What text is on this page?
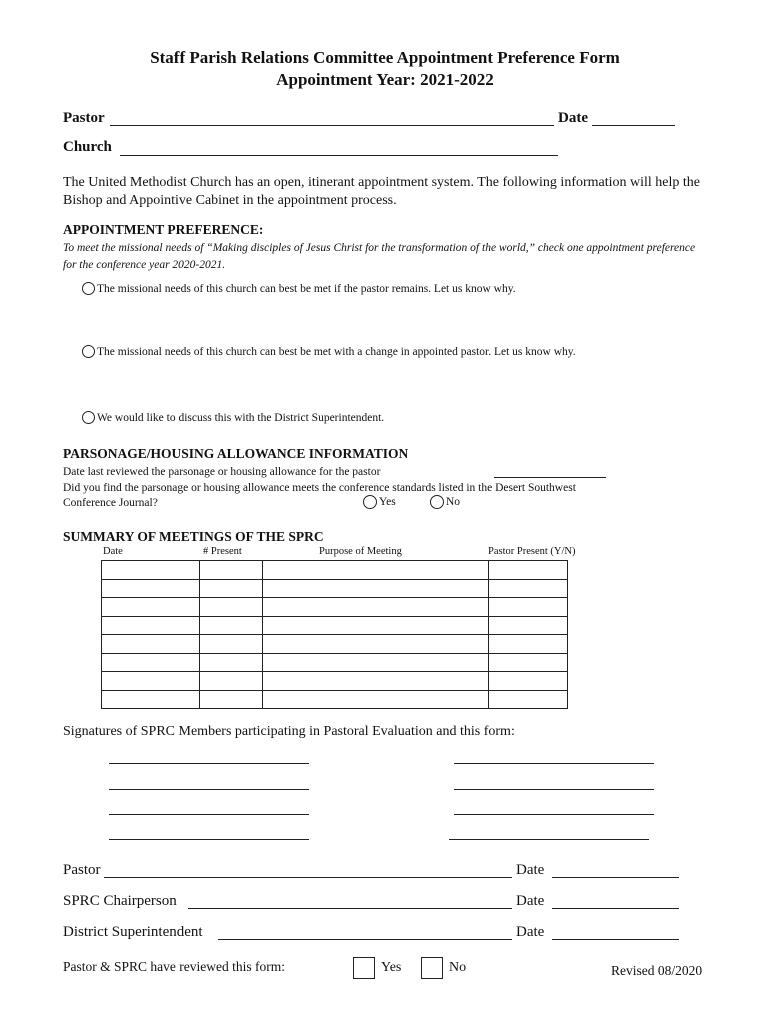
Staff Parish Relations Committee Appointment Preference Form
Appointment Year: 2021-2022
Pastor	Date
Church
The United Methodist Church has an open, itinerant appointment system. The following information will help the Bishop and Appointive Cabinet in the appointment process.
APPOINTMENT PREFERENCE:
To meet the missional needs of “Making disciples of Jesus Christ for the transformation of the world,” check one appointment preference for the conference year 2020-2021.
The missional needs of this church can best be met if the pastor remains. Let us know why.
The missional needs of this church can best be met with a change in appointed pastor. Let us know why.
We would like to discuss this with the District Superintendent.
PARSONAGE/HOUSING ALLOWANCE INFORMATION
Date last reviewed the parsonage or housing allowance for the pastor
Did you find the parsonage or housing allowance meets the conference standards listed in the Desert Southwest
Conference Journal?	Yes	No
SUMMARY OF MEETINGS OF THE SPRC
Date	# Present	Purpose of Meeting	Pastor Present (Y/N)

Signatures of SPRC Members participating in Pastoral Evaluation and this form:
Pastor	Date
SPRC Chairperson	Date
District Superintendent	Date
Pastor & SPRC have reviewed this form:	Yes	No	Revised 08/2020
